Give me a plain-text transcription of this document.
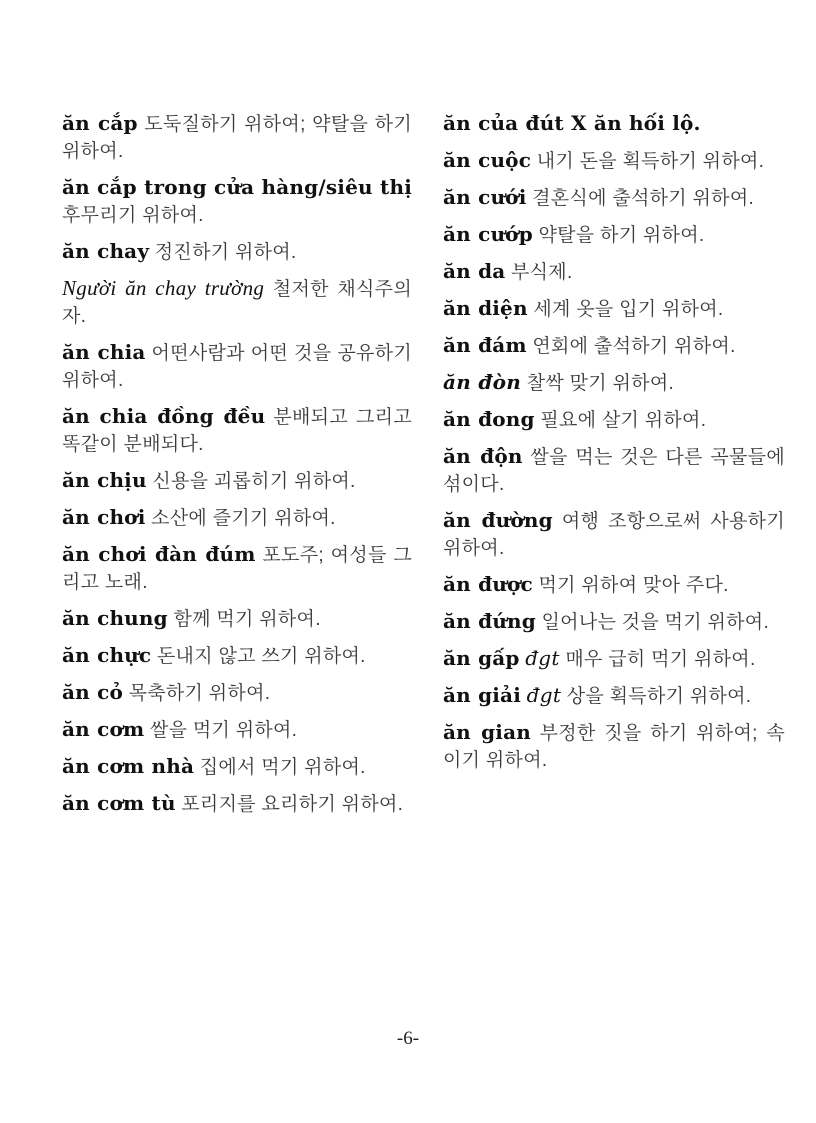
ăn cắp 도둑질하기 위하여; 약탈을 하기 위하여.
ăn cắp trong cửa hàng/siêu thị 후무리기 위하여.
ăn chay 정진하기 위하여.
Người ăn chay trường 철저한 채식주의자.
ăn chia 어떤사람과 어떤 것을 공유하기 위하여.
ăn chia đồng đều 분배되고 그리고 똑같이 분배되다.
ăn chịu 신용을 괴롭히기 위하여.
ăn chơi 소산에 즐기기 위하여.
ăn chơi đàn đúm 포도주; 여성들 그리고 노래.
ăn chung 함께 먹기 위하여.
ăn chực 돈내지 않고 쓰기 위하여.
ăn cỏ 목축하기 위하여.
ăn cơm 쌀을 먹기 위하여.
ăn cơm nhà 집에서 먹기 위하여.
ăn cơm tù 포리지를 요리하기 위하여.
ăn của đút X ăn hối lộ.
ăn cuộc 내기 돈을 획득하기 위하여.
ăn cưới 결혼식에 출석하기 위하여.
ăn cướp 약탈을 하기 위하여.
ăn da 부식제.
ăn diện 세계 옷을 입기 위하여.
ăn đám 연회에 출석하기 위하여.
ăn đòn 찰싹 맞기 위하여.
ăn đong 필요에 살기 위하여.
ăn độn 쌀을 먹는 것은 다른 곡물들에 섞이다.
ăn đường 여행 조항으로써 사용하기 위하여.
ăn được 먹기 위하여 맞아 주다.
ăn đứng 일어나는 것을 먹기 위하여.
ăn gấp đgt 매우 급히 먹기 위하여.
ăn giải đgt 상을 획득하기 위하여.
ăn gian 부정한 짓을 하기 위하여; 속이기 위하여.
-6-
